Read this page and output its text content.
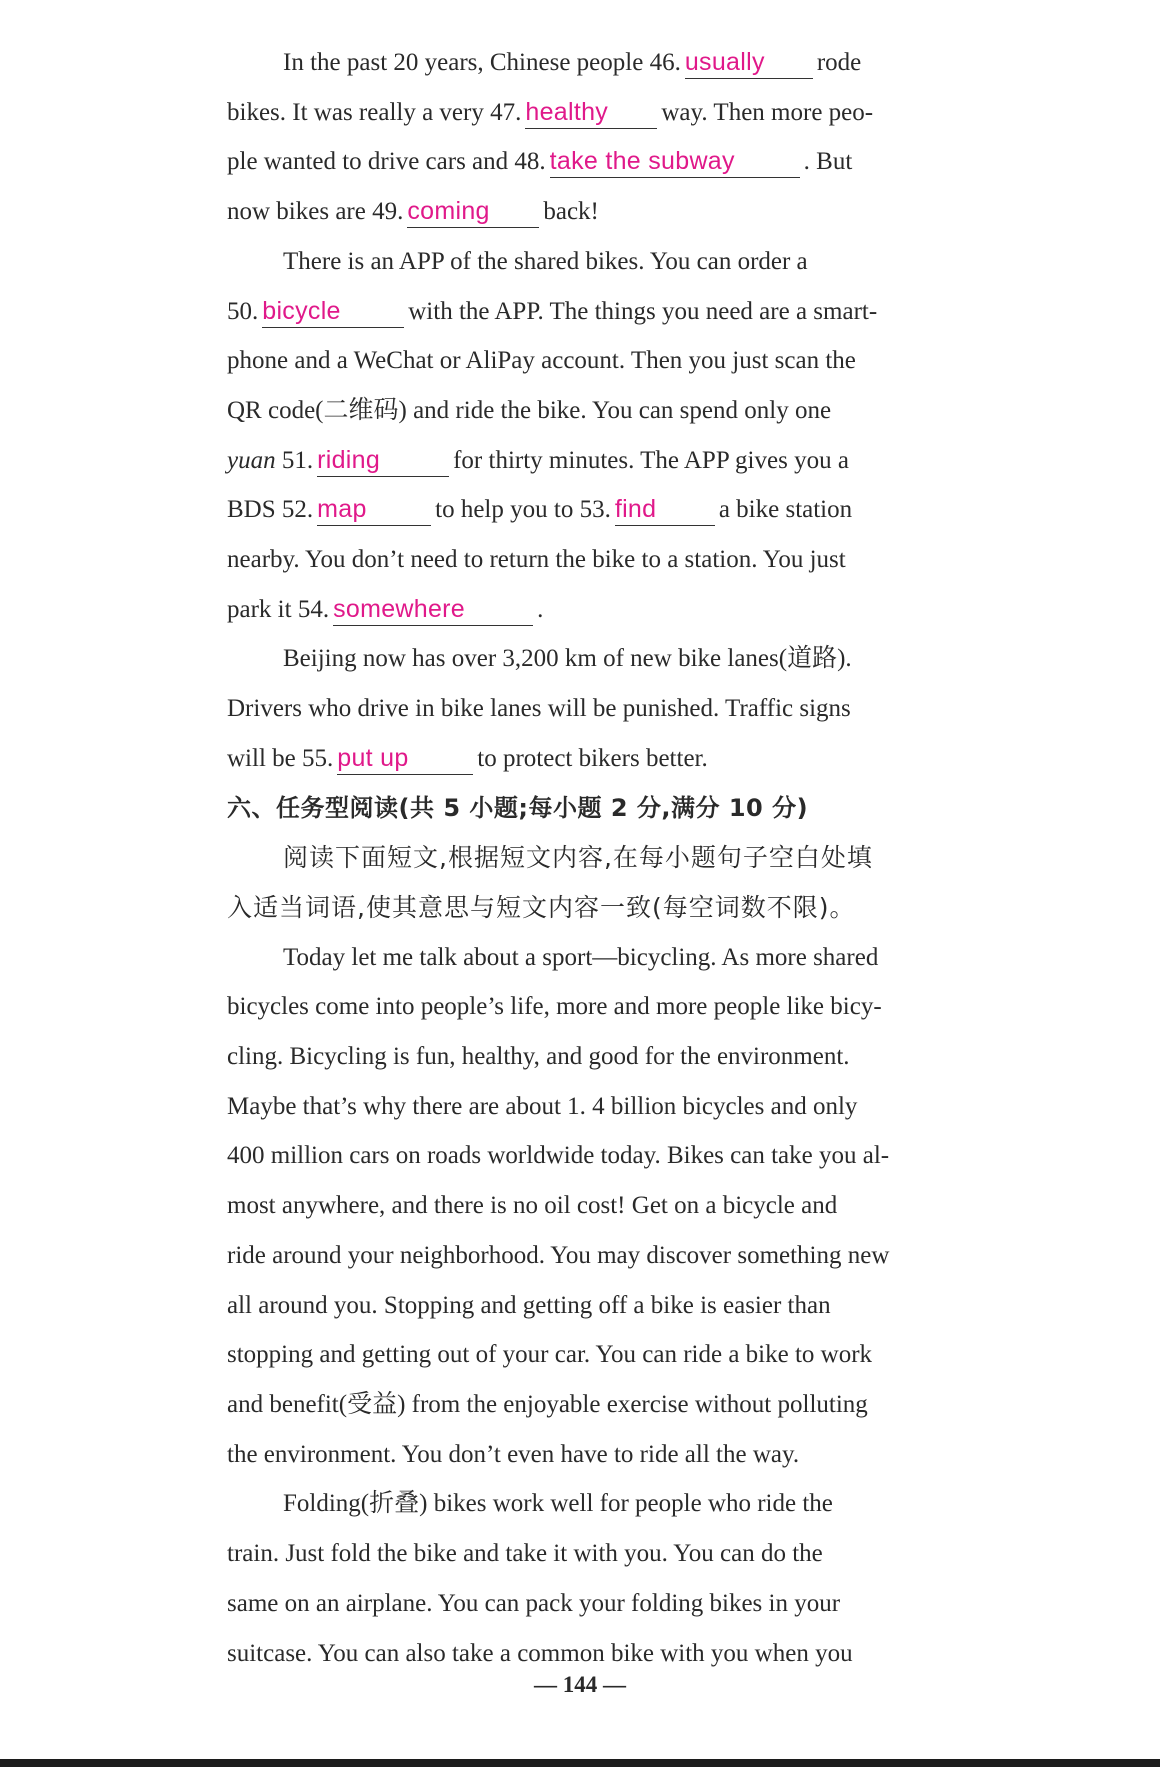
In the past 20 years, Chinese people 46. usually rode

bikes. It was really a very 47. healthy way. Then more peo-

ple wanted to drive cars and 48. take the subway	. But

now bikes are 49. coming back!

There is an APP of the shared bikes. You can order a

50. bicycle	with the APP. The things you need are a smart-

phone and a WeChat or AliPay account. Then you just scan the

QR code(二维码) and ride the bike. You can spend only one

yuan 51. riding	for thirty minutes. The APP gives you a

BDS 52. map	to help you to 53. find a bike station

nearby. You don’t need to return the bike to a station. You just

park it 54. somewhere	.

Beijing now has over 3,200 km of new bike lanes(道路).

Drivers who drive in bike lanes will be punished. Traffic signs

will be 55. put up	to protect bikers better.

六、任务型阅读(共 5 小题;每小题 2 分,满分 10 分)

阅读下面短文,根据短文内容,在每小题句子空白处填

入适当词语,使其意思与短文内容一致(每空词数不限)。

Today let me talk about a sport—bicycling. As more shared

bicycles come into people’s life, more and more people like bicy-

cling. Bicycling is fun, healthy, and good for the environment.

Maybe that’s why there are about 1. 4 billion bicycles and only

400 million cars on roads worldwide today. Bikes can take you al-

most anywhere, and there is no oil cost! Get on a bicycle and

ride around your neighborhood. You may discover something new

all around you. Stopping and getting off a bike is easier than

stopping and getting out of your car. You can ride a bike to work

and benefit(受益) from the enjoyable exercise without polluting

the environment. You don’t even have to ride all the way.

Folding(折叠) bikes work well for people who ride the

train. Just fold the bike and take it with you. You can do the

same on an airplane. You can pack your folding bikes in your

suitcase. You can also take a common bike with you when you

— 144 —
